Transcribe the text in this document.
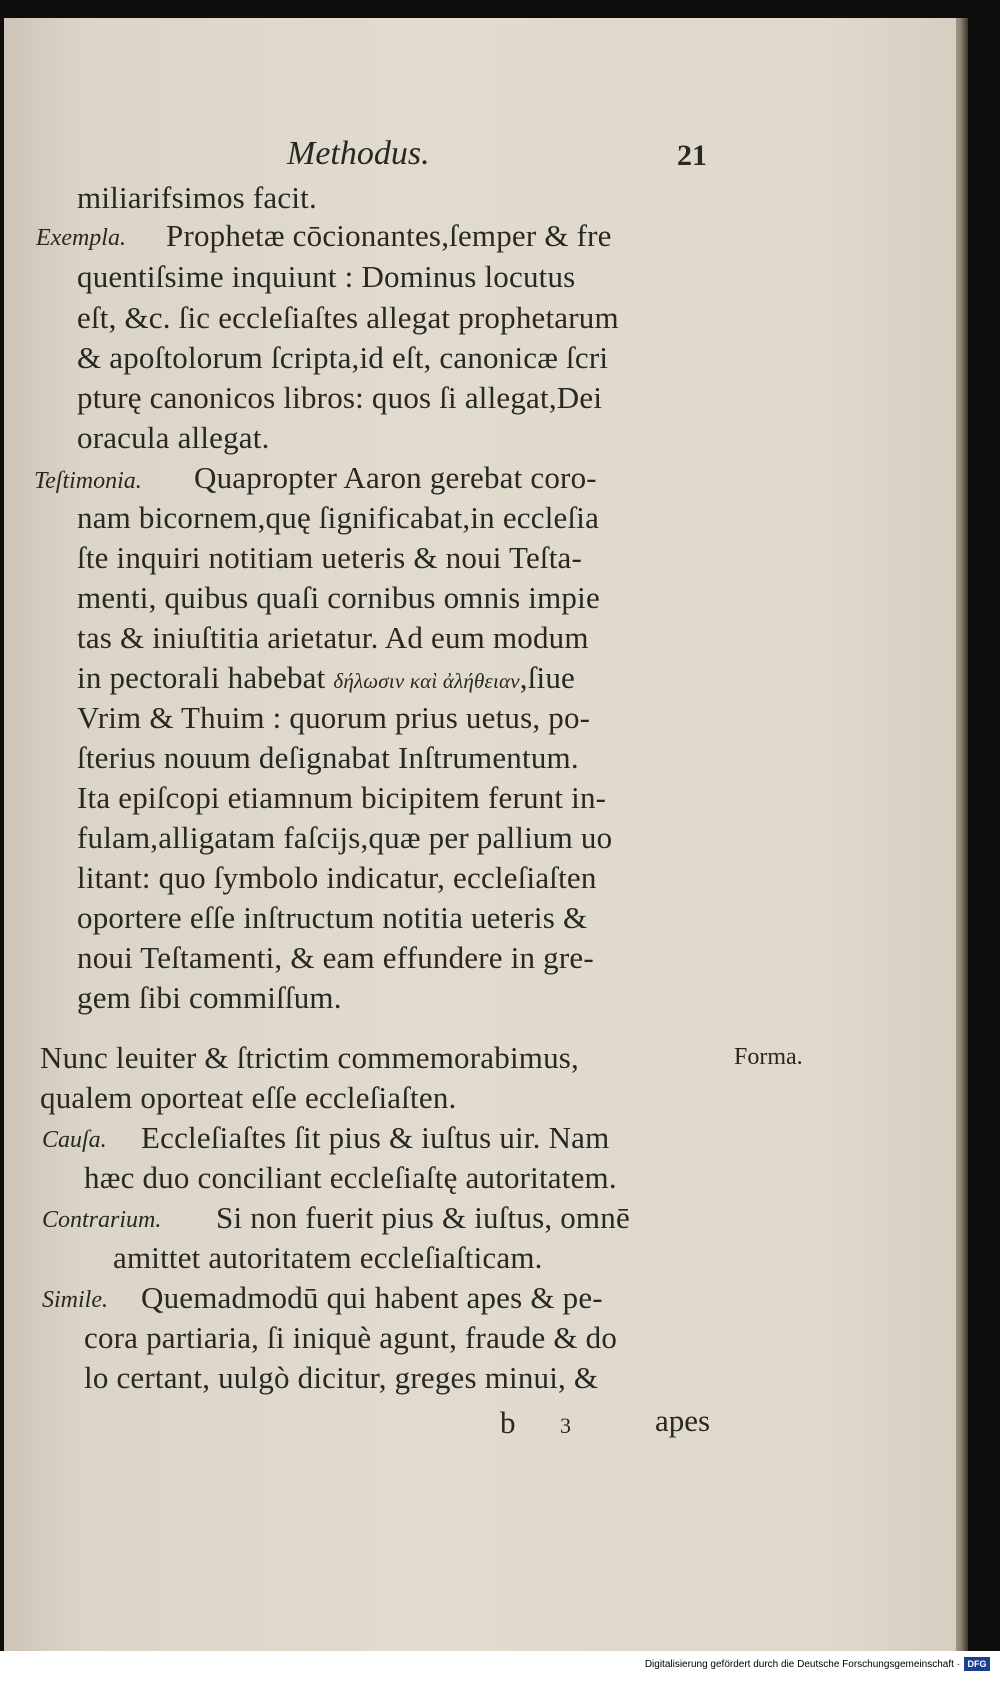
Methodus.	21
miliarifsimos facit.
Exempla. Prophetæ cōcionantes,ſemper & fre
quentiſsime inquiunt : Dominus locutus
eſt, &c. ſic eccleſiaſtes allegat prophetarum
& apoſtolorum ſcripta,id eſt, canonicæ ſcri
pturę canonicos libros: quos ſi allegat,Dei
oracula allegat.
Teſtimonia. Quapropter Aaron gerebat coro-
nam bicornem,quę ſignificabat,in eccleſia
ſte inquiri notitiam ueteris & noui Teſta-
menti, quibus quaſi cornibus omnis impie
tas & iniuſtitia arietatur. Ad eum modum
in pectorali habebat δήλωσιν καὶ ἀλήθειαν,ſiue
Vrim & Thuim : quorum prius uetus, po-
ſterius nouum deſignabat Inſtrumentum.
Ita epiſcopi etiamnum bicipitem ferunt in-
fulam,alligatam faſcijs,quæ per pallium uo
litant: quo ſymbolo indicatur, eccleſiaſten
oportere eſſe inſtructum notitia ueteris &
noui Teſtamenti, & eam effundere in gre-
gem ſibi commiſſum.
Nunc leuiter & ſtrictim commemorabimus,	Forma.
qualem oporteat eſſe eccleſiaſten.
Cauſa. Eccleſiaſtes ſit pius & iuſtus uir. Nam
hæc duo conciliant eccleſiaſtę autoritatem.
Contrarium. Si non fuerit pius & iuſtus, omnē
amittet autoritatem eccleſiaſticam.
Simile. Quemadmodū qui habent apes & pe-
cora partiaria, ſi iniquè agunt, fraude & do
lo certant, uulgò dicitur, greges minui, &
b 3	apes
Digitalisierung gefördert durch die Deutsche Forschungsgemeinschaft · DFG
